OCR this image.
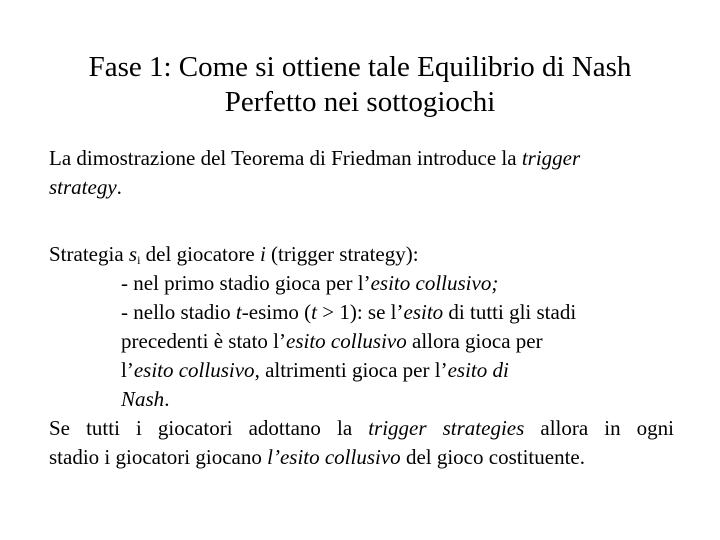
Fase 1: Come si ottiene tale Equilibrio di Nash
Perfetto nei sottogiochi

La dimostrazione del Teorema di Friedman introduce la trigger
strategy.

Strategia $s_i$ del giocatore i (trigger strategy):
- nel primo stadio gioca per l’esito collusivo;
- nello stadio t-esimo (t > 1): se l’esito di tutti gli stadi
precedenti è stato l’esito collusivo allora gioca per
l’esito collusivo, altrimenti gioca per l’esito di
Nash.
Se tutti i giocatori adottano la trigger strategies allora in ogni
stadio i giocatori giocano l’esito collusivo del gioco costituente.
